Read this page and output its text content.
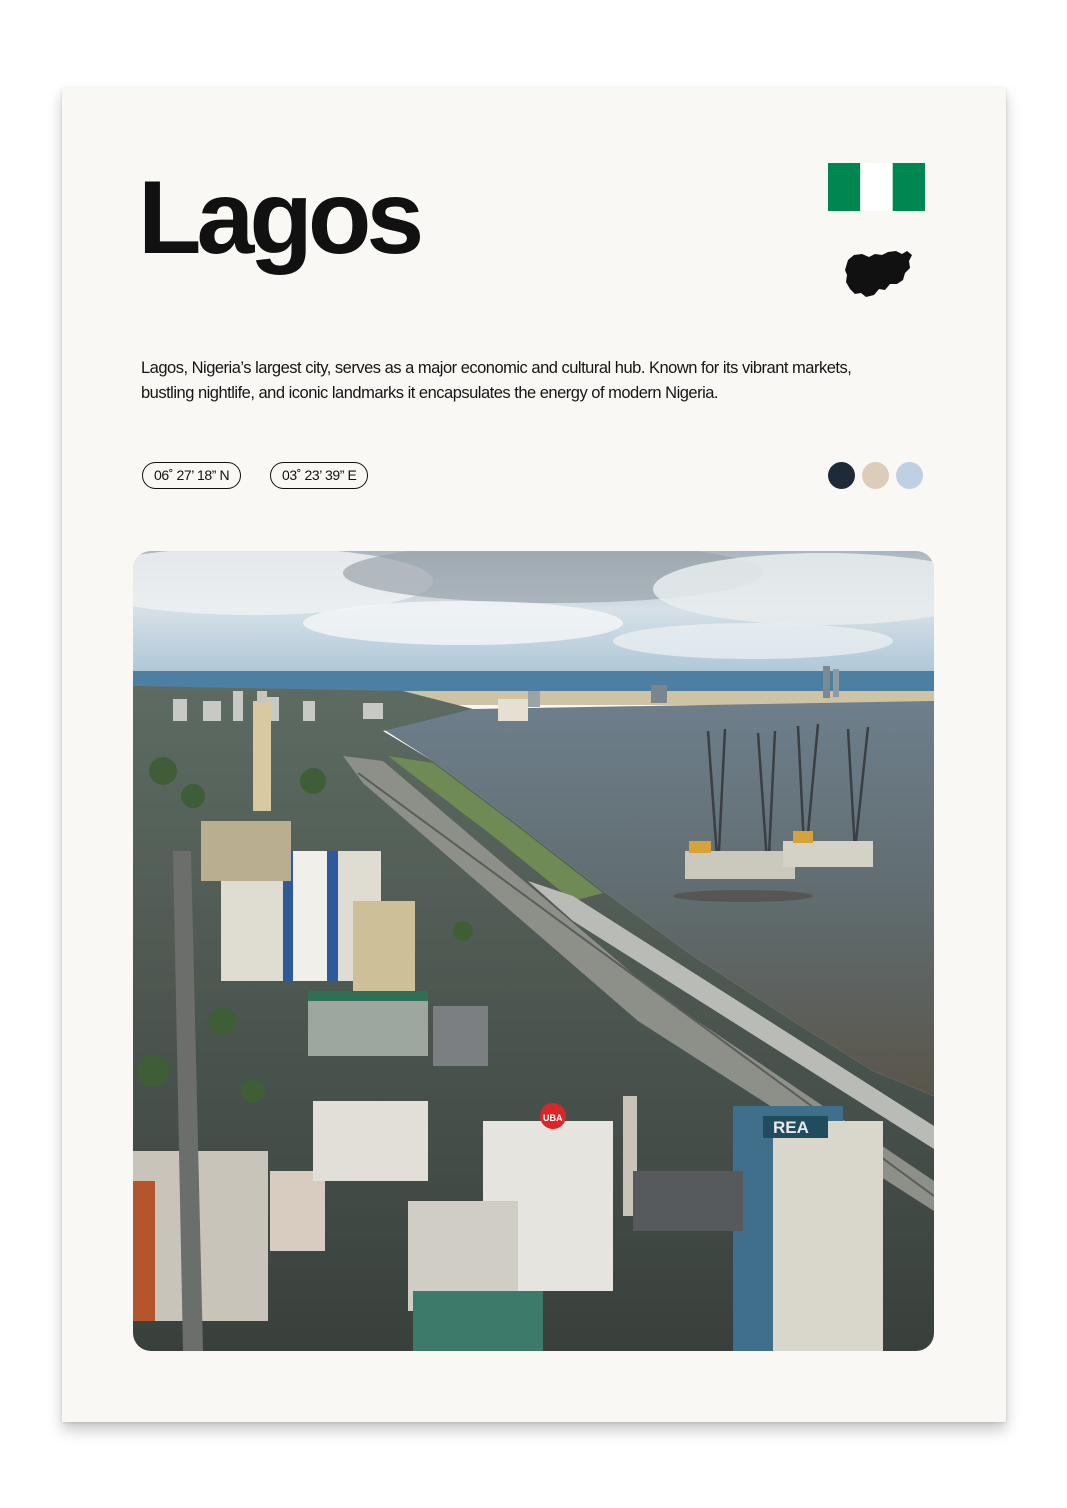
Lagos

Lagos, Nigeria’s largest city, serves as a major economic and cultural hub. Known for its vibrant markets, bustling nightlife, and iconic landmarks it encapsulates the energy of modern Nigeria.

06˚ 27’ 18” N	03˚ 23’ 39” E
REA
UBA
